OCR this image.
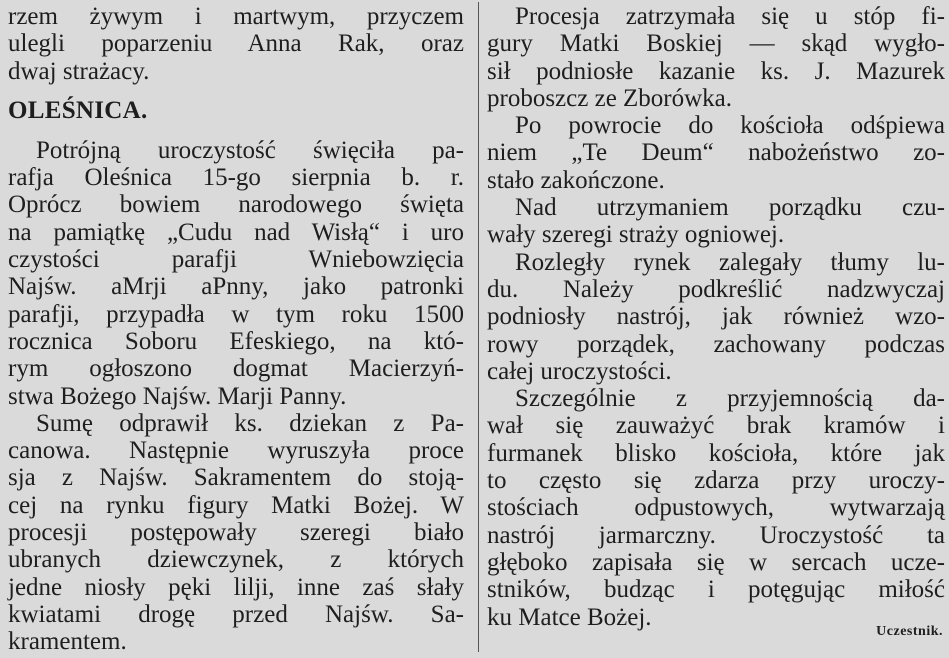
rzem żywym i martwym, przyczem
ulegli poparzeniu Anna Rak, oraz
dwaj strażacy.
OLEŚNICA.
Potrójną uroczystość święciła pa-
rafja Oleśnica 15-go sierpnia b. r.
Oprócz bowiem narodowego święta
na pamiątkę „Cudu nad Wisłą“ i uro
czystości parafji Wniebowzięcia
Najśw. aMrji aPnny, jako patronki
parafji, przypadła w tym roku 1500
rocznica Soboru Efeskiego, na któ-
rym ogłoszono dogmat Macierzyń-
stwa Bożego Najśw. Marji Panny.
Sumę odprawił ks. dziekan z Pa-
canowa. Następnie wyruszyła proce
sja z Najśw. Sakramentem do stoją-
cej na rynku figury Matki Bożej. W
procesji postępowały szeregi biało
ubranych dziewczynek, z których
jedne niosły pęki lilji, inne zaś słały
kwiatami drogę przed Najśw. Sa-
kramentem.
Procesja zatrzymała się u stóp fi-
gury Matki Boskiej — skąd wygło-
sił podniosłe kazanie ks. J. Mazurek
proboszcz ze Zborówka.
Po powrocie do kościoła odśpiewa
niem „Te Deum“ nabożeństwo zo-
stało zakończone.
Nad utrzymaniem porządku czu-
wały szeregi straży ogniowej.
Rozległy rynek zalegały tłumy lu-
du. Należy podkreślić nadzwyczaj
podniosły nastrój, jak również wzo-
rowy porządek, zachowany podczas
całej uroczystości.
Szczególnie z przyjemnością da-
wał się zauważyć brak kramów i
furmanek blisko kościoła, które jak
to często się zdarza przy uroczy-
stościach odpustowych, wytwarzają
nastrój jarmarczny. Uroczystość ta
głęboko zapisała się w sercach ucze-
stników, budząc i potęgując miłość
ku Matce Bożej.
Uczestnik.
